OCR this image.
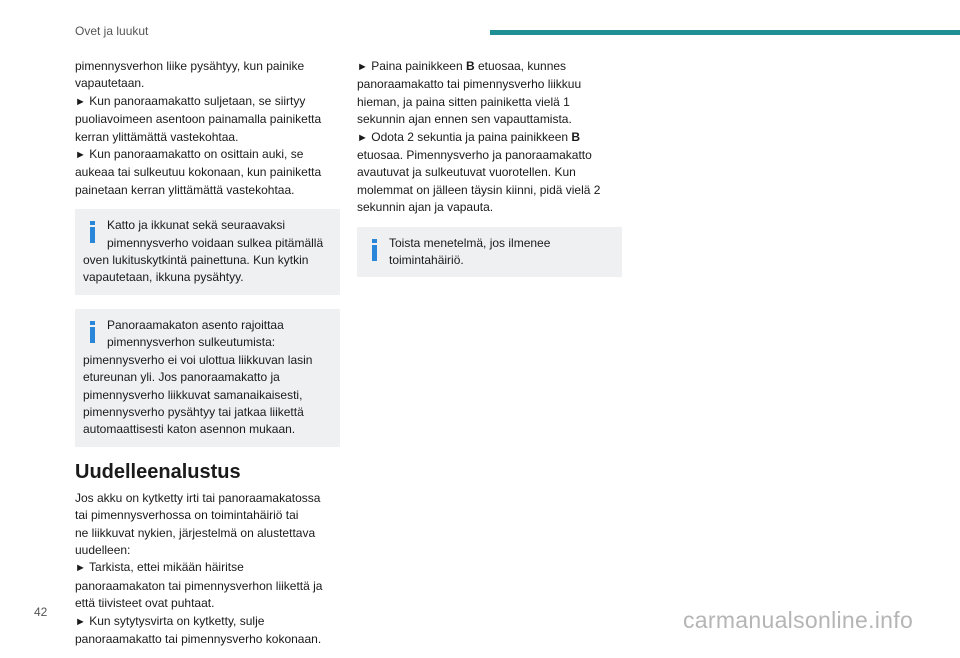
Ovet ja luukut

pimennysverhon liike pysähtyy, kun painike
vapautetaan.
► Kun panoraamakatto suljetaan, se siirtyy
puoliavoimeen asentoon painamalla painiketta
kerran ylittämättä vastekohtaa.
► Kun panoraamakatto on osittain auki, se
aukeaa tai sulkeutuu kokonaan, kun painiketta
painetaan kerran ylittämättä vastekohtaa.

Katto ja ikkunat sekä seuraavaksi
pimennysverho voidaan sulkea pitämällä
oven lukituskytkintä painettuna. Kun kytkin
vapautetaan, ikkuna pysähtyy.
Panoraamakaton asento rajoittaa
pimennysverhon sulkeutumista:
pimennysverho ei voi ulottua liikkuvan lasin
etureunan yli. Jos panoraamakatto ja
pimennysverho liikkuvat samanaikaisesti,
pimennysverho pysähtyy tai jatkaa liikettä
automaattisesti katon asennon mukaan.
Uudelleenalustus

Jos akku on kytketty irti tai panoraamakatossa
tai pimennysverhossa on toimintahäiriö tai
ne liikkuvat nykien, järjestelmä on alustettava
uudelleen:
► Tarkista, ettei mikään häiritse
panoraamakaton tai pimennysverhon liikettä ja
että tiivisteet ovat puhtaat.
► Kun sytytysvirta on kytketty, sulje
panoraamakatto tai pimennysverho kokonaan.

► Paina painikkeen B etuosaa, kunnes
panoraamakatto tai pimennysverho liikkuu
hieman, ja paina sitten painiketta vielä 1
sekunnin ajan ennen sen vapauttamista.
► Odota 2 sekuntia ja paina painikkeen B
etuosaa. Pimennysverho ja panoraamakatto
avautuvat ja sulkeutuvat vuorotellen. Kun
molemmat on jälleen täysin kiinni, pidä vielä 2
sekunnin ajan ja vapauta.

Toista menetelmä, jos ilmenee
toimintahäiriö.
42	carmanualsonline.info
